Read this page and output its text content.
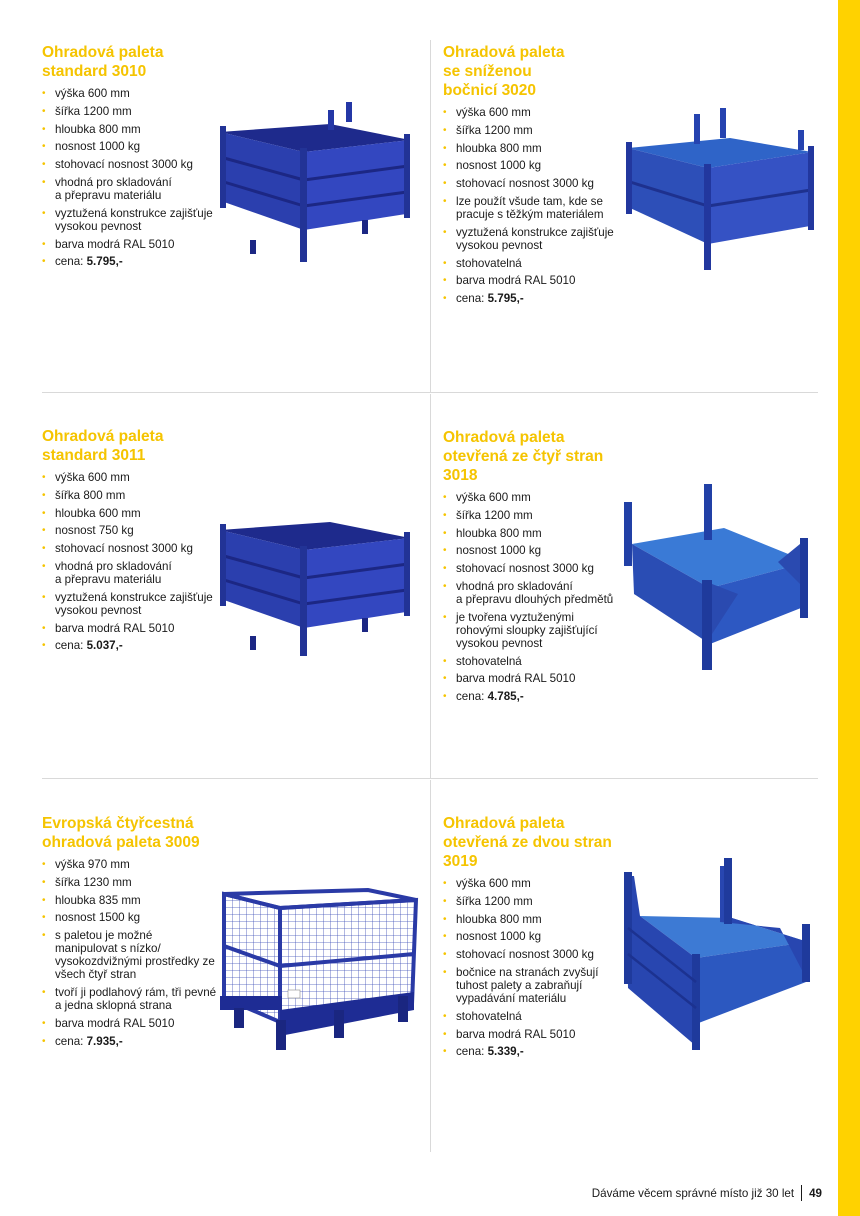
Ohradová paleta
standard 3010
• výška 600 mm
• šířka 1200 mm
• hloubka 800 mm
• nosnost 1000 kg
• stohovací nosnost 3000 kg
• vhodná pro skladování
a přepravu materiálu
• vyztužená konstrukce zajišťuje
vysokou pevnost
• barva modrá RAL 5010
• cena: 5.795,-
Ohradová paleta
se sníženou
bočnicí 3020
• výška 600 mm
• šířka 1200 mm
• hloubka 800 mm
• nosnost 1000 kg
• stohovací nosnost 3000 kg
• lze použít všude tam, kde se
pracuje s těžkým materiálem
• vyztužená konstrukce zajišťuje
vysokou pevnost
• stohovatelná
• barva modrá RAL 5010
• cena: 5.795,-
Ohradová paleta
standard 3011
• výška 600 mm
• šířka 800 mm
• hloubka 600 mm
• nosnost 750 kg
• stohovací nosnost 3000 kg
• vhodná pro skladování
a přepravu materiálu
• vyztužená konstrukce zajišťuje
vysokou pevnost
• barva modrá RAL 5010
• cena: 5.037,-
Ohradová paleta
otevřená ze čtyř stran
3018
• výška 600 mm
• šířka 1200 mm
• hloubka 800 mm
• nosnost 1000 kg
• stohovací nosnost 3000 kg
• vhodná pro skladování
a přepravu dlouhých předmětů
• je tvořena vyztuženými
rohovými sloupky zajišťující
vysokou pevnost
• stohovatelná
• barva modrá RAL 5010
• cena: 4.785,-
Evropská čtyřcestná
ohradová paleta 3009
• výška 970 mm
• šířka 1230 mm
• hloubka 835 mm
• nosnost 1500 kg
• s paletou je možné
manipulovat s nízko/
vysokozdvižnými prostředky ze
všech čtyř stran
• tvoří ji podlahový rám, tři pevné
a jedna sklopná strana
• barva modrá RAL 5010
• cena: 7.935,-
Ohradová paleta
otevřená ze dvou stran
3019
• výška 600 mm
• šířka 1200 mm
• hloubka 800 mm
• nosnost 1000 kg
• stohovací nosnost 3000 kg
• bočnice na stranách zvyšují
tuhost palety a zabraňují
vypadávání materiálu
• stohovatelná
• barva modrá RAL 5010
• cena: 5.339,-
Dáváme věcem správné místo již 30 let 49
